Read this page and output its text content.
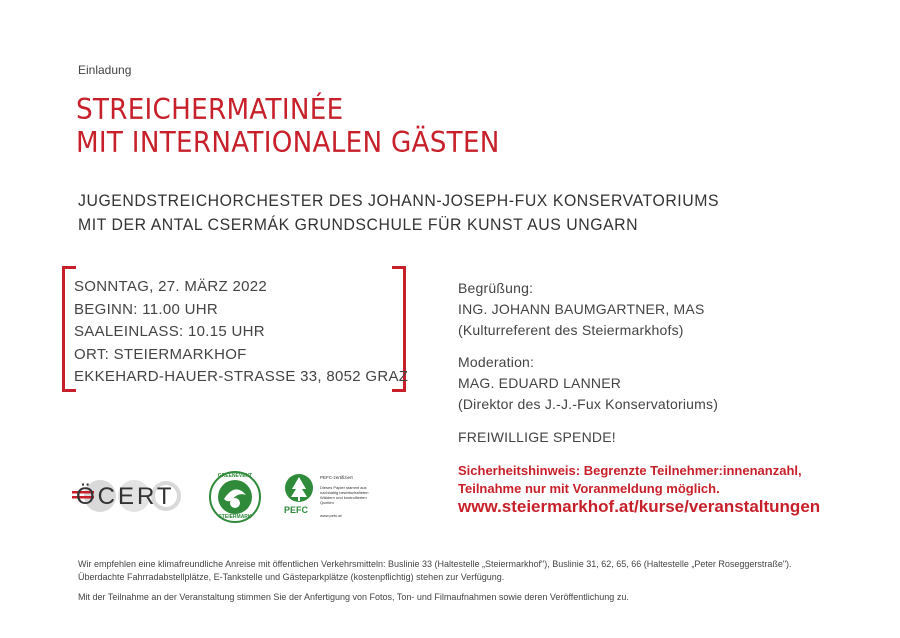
Einladung
STREICHERMATINÉE
MIT INTERNATIONALEN GÄSTEN
JUGENDSTREICHORCHESTER DES JOHANN-JOSEPH-FUX KONSERVATORIUMS
MIT DER ANTAL CSERMÁK GRUNDSCHULE FÜR KUNST AUS UNGARN
SONNTAG, 27. MÄRZ 2022
BEGINN: 11.00 UHR
SAALEINLASS: 10.15 UHR
ORT: STEIERMARKHOF
EKKEHARD-HAUER-STRASSE 33, 8052 GRAZ
Begrüßung:
ING. JOHANN BAUMGARTNER, MAS
(Kulturreferent des Steiermarkhofs)
Moderation:
MAG. EDUARD LANNER
(Direktor des J.-J.-Fux Konservatoriums)
FREIWILLIGE SPENDE!
Sicherheitshinweis: Begrenzte Teilnehmer:innenanzahl,
Teilnahme nur mit Voranmeldung möglich.
www.steiermarkhof.at/kurse/veranstaltungen
ÖCERT
GREENEVENT
STEIERMARK
PEFC
PEFC-zertifiziert
Dieses Papier stammt aus nachhaltig bewirtschafteten Wäldern und kontrollierten Quellen
www.pefc.at
Wir empfehlen eine klimafreundliche Anreise mit öffentlichen Verkehrsmitteln: Buslinie 33 (Haltestelle „Steiermarkhof"), Buslinie 31, 62, 65, 66 (Haltestelle „Peter Roseggerstraße").
Überdachte Fahrradabstellplätze, E-Tankstelle und Gästeparkplätze (kostenpflichtig) stehen zur Verfügung.
Mit der Teilnahme an der Veranstaltung stimmen Sie der Anfertigung von Fotos, Ton- und Filmaufnahmen sowie deren Veröffentlichung zu.
